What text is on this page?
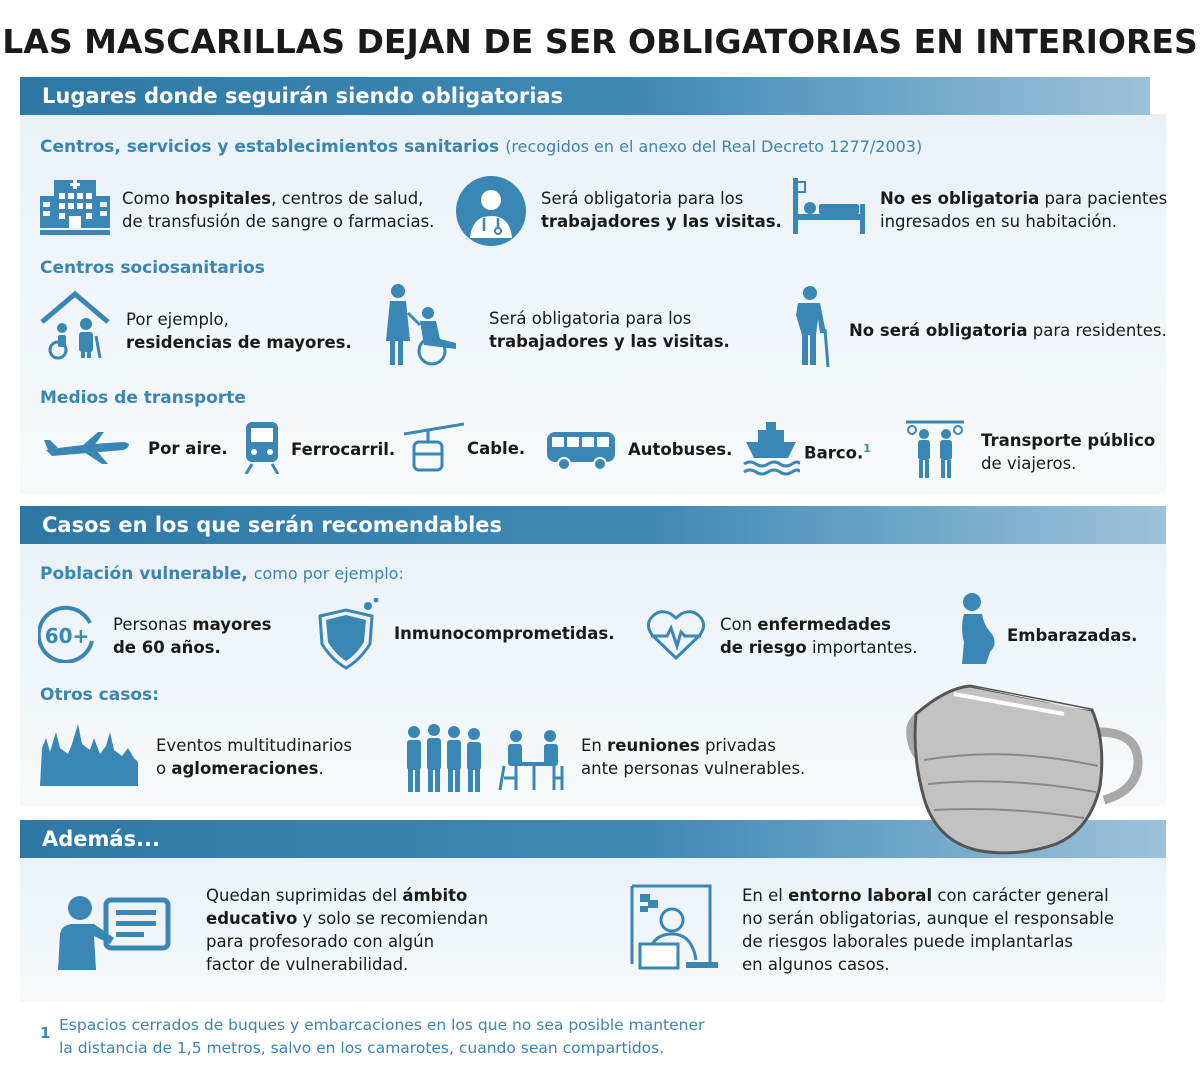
LAS MASCARILLAS DEJAN DE SER OBLIGATORIAS EN INTERIORES
Lugares donde seguirán siendo obligatorias
Centros, servicios y establecimientos sanitarios (recogidos en el anexo del Real Decreto 1277/2003)
Como hospitales, centros de salud,
de transfusión de sangre o farmacias.
Será obligatoria para los
trabajadores y las visitas.
No es obligatoria para pacientes
ingresados en su habitación.
Centros sociosanitarios
Por ejemplo,
residencias de mayores.
Será obligatoria para los
trabajadores y las visitas.
No será obligatoria para residentes.
Medios de transporte
Por aire.	Ferrocarril.	Cable.	Autobuses.	Barco.$^1$	Transporte público
de viajeros.
Casos en los que serán recomendables
Población vulnerable, como por ejemplo:
60+ Personas mayores
de 60 años.
Inmunocomprometidas.	Con enfermedades
de riesgo importantes.
Embarazadas.
Otros casos:
Eventos multitudinarios
o aglomeraciones.
En reuniones privadas
ante personas vulnerables.
Además...
Quedan suprimidas del ámbito
educativo y solo se recomiendan
para profesorado con algún
factor de vulnerabilidad.
En el entorno laboral con carácter general
no serán obligatorias, aunque el responsable
de riesgos laborales puede implantarlas
en algunos casos.
1 Espacios cerrados de buques y embarcaciones en los que no sea posible mantener
la distancia de 1,5 metros, salvo en los camarotes, cuando sean compartidos.
